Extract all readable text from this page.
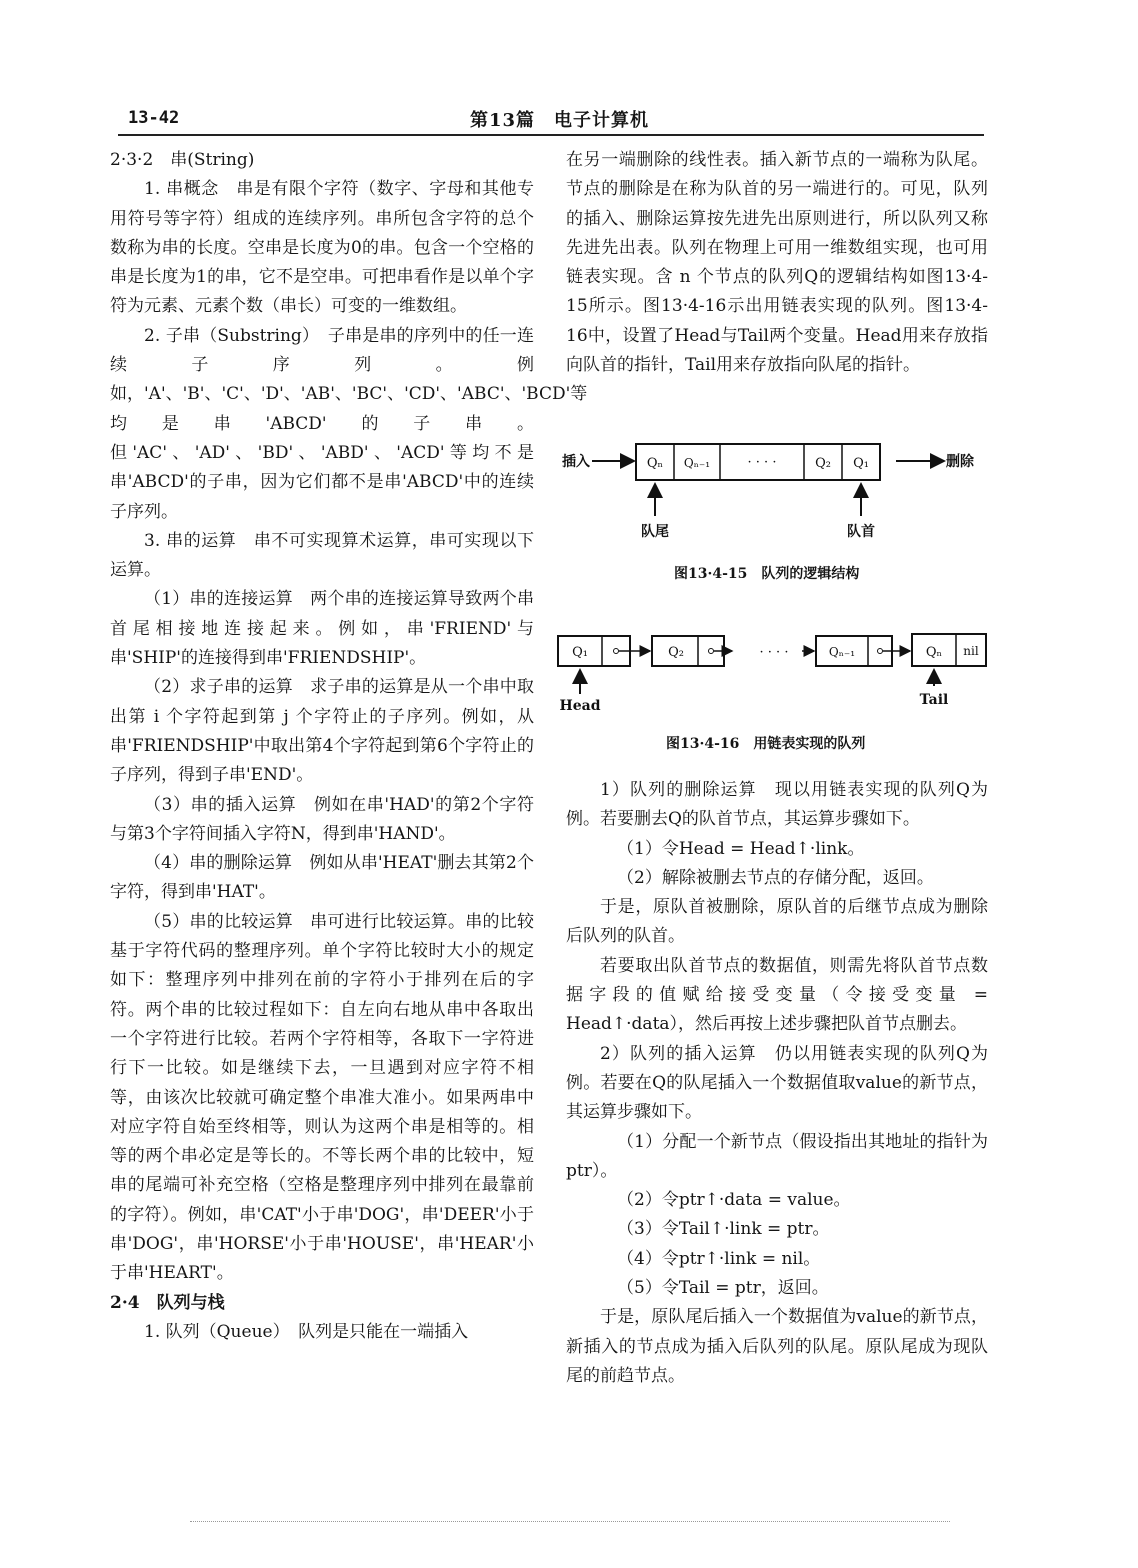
13-42	第13篇　电子计算机

2·3·2　串(String)

1. 串概念　串是有限个字符（数字、字母和其他专用符号等字符）组成的连续序列。串所包含字符的总个数称为串的长度。空串是长度为0的串。包含一个空格的串是长度为1的串，它不是空串。可把串看作是以单个字符为元素、元素个数（串长）可变的一维数组。

2. 子串（Substring）　子串是串的序列中的任一连续子序列。例如，'A'、'B'、'C'、'D'、'AB'、'BC'、'CD'、'ABC'、'BCD'等均是串'ABCD'的子串。但'AC'、'AD'、'BD'、'ABD'、'ACD'等均不是串'ABCD'的子串，因为它们都不是串'ABCD'中的连续子序列。

3. 串的运算　串不可实现算术运算，串可实现以下运算。

（1）串的连接运算　两个串的连接运算导致两个串首尾相接地连接起来。例如，串'FRIEND'与串'SHIP'的连接得到串'FRIENDSHIP'。

（2）求子串的运算　求子串的运算是从一个串中取出第 i 个字符起到第 j 个字符止的子序列。例如，从串'FRIENDSHIP'中取出第4个字符起到第6个字符止的子序列，得到子串'END'。

（3）串的插入运算　例如在串'HAD'的第2个字符与第3个字符间插入字符N，得到串'HAND'。

（4）串的删除运算　例如从串'HEAT'删去其第2个字符，得到串'HAT'。

（5）串的比较运算　串可进行比较运算。串的比较基于字符代码的整理序列。单个字符比较时大小的规定如下：整理序列中排列在前的字符小于排列在后的字符。两个串的比较过程如下：自左向右地从串中各取出一个字符进行比较。若两个字符相等，各取下一字符进行下一比较。如是继续下去，一旦遇到对应字符不相等，由该次比较就可确定整个串准大准小。如果两串中对应字符自始至终相等，则认为这两个串是相等的。相等的两个串必定是等长的。不等长两个串的比较中，短串的尾端可补充空格（空格是整理序列中排列在最靠前的字符）。例如，串'CAT'小于串'DOG'，串'DEER'小于串'DOG'，串'HORSE'小于串'HOUSE'，串'HEAR'小于串'HEART'。

2·4　队列与栈

1. 队列（Queue）　队列是只能在一端插入

在另一端删除的线性表。插入新节点的一端称为队尾。节点的删除是在称为队首的另一端进行的。可见，队列的插入、删除运算按先进先出原则进行，所以队列又称先进先出表。队列在物理上可用一维数组实现，也可用链表实现。含 n 个节点的队列Q的逻辑结构如图13·4-15所示。图13·4-16示出用链表实现的队列。图13·4-16中，设置了Head与Tail两个变量。Head用来存放指向队首的指针，Tail用来存放指向队尾的指针。

插入	Qₙ Qₙ₋₁	· · · ·	Q₂ Q₁	删除
队尾	队首
图13·4-15　队列的逻辑结构
Q₁	Q₂	· · · ·	Qₙ₋₁	Qₙ nil
Head	Tail
图13·4-16　用链表实现的队列

1）队列的删除运算　现以用链表实现的队列Q为例。若要删去Q的队首节点，其运算步骤如下。

（1）令Head = Head↑·link。

（2）解除被删去节点的存储分配，返回。

于是，原队首被删除，原队首的后继节点成为删除后队列的队首。

若要取出队首节点的数据值，则需先将队首节点数据字段的值赋给接受变量（令接受变量 = Head↑·data），然后再按上述步骤把队首节点删去。

2）队列的插入运算　仍以用链表实现的队列Q为例。若要在Q的队尾插入一个数据值取value的新节点，其运算步骤如下。

（1）分配一个新节点（假设指出其地址的指针为ptr）。

（2）令ptr↑·data = value。

（3）令Tail↑·link = ptr。

（4）令ptr↑·link = nil。

（5）令Tail = ptr，返回。

于是，原队尾后插入一个数据值为value的新节点，新插入的节点成为插入后队列的队尾。原队尾成为现队尾的前趋节点。
